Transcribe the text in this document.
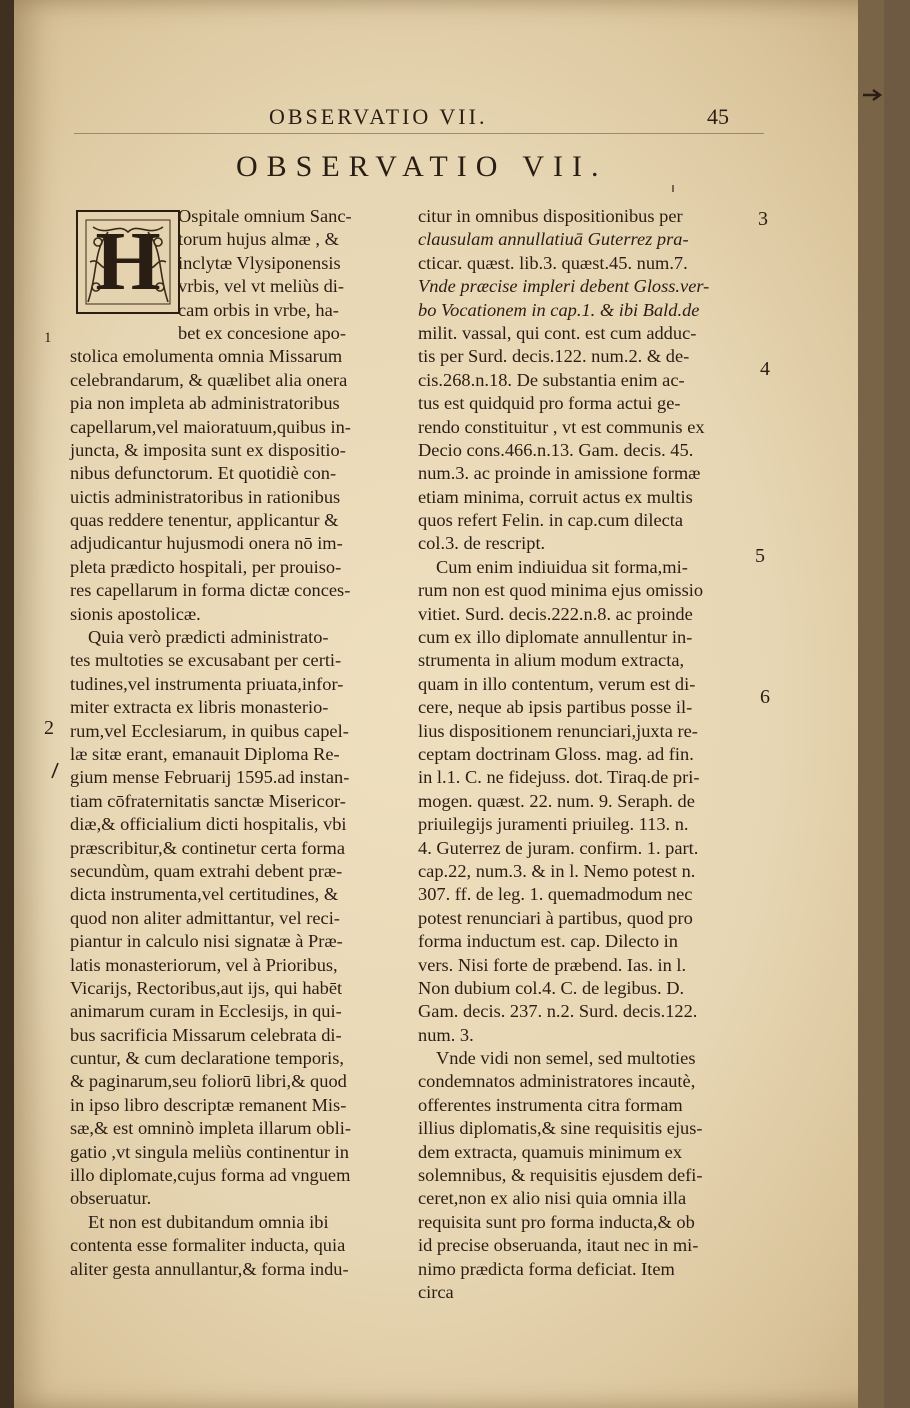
OBSERVATIO VII.	45
OBSERVATIO VII.
H Ospitale omnium Sanc-
torum hujus almæ , &
inclytæ Vlysiponensis
vrbis, vel vt meliùs di-
cam orbis in vrbe, ha-
bet ex concesione apo-
stolica emolumenta omnia Missarum
celebrandarum, & quælibet alia onera
pia non impleta ab administratoribus
capellarum,vel maioratuum,quibus in-
juncta, & imposita sunt ex dispositio-
nibus defunctorum. Et quotidiè con-
uictis administratoribus in rationibus
quas reddere tenentur, applicantur &
adjudicantur hujusmodi onera nō im-
pleta prædicto hospitali, per prouiso-
res capellarum in forma dictæ conces-
sionis apostolicæ.
Quia verò prædicti administrato-
tes multoties se excusabant per certi-
tudines,vel instrumenta priuata,infor-
miter extracta ex libris monasterio-
rum,vel Ecclesiarum, in quibus capel-
læ sitæ erant, emanauit Diploma Re-
gium mense Februarij 1595.ad instan-
tiam cōfraternitatis sanctæ Misericor-
diæ,& officialium dicti hospitalis, vbi
præscribitur,& continetur certa forma
secundùm, quam extrahi debent præ-
dicta instrumenta,vel certitudines, &
quod non aliter admittantur, vel reci-
piantur in calculo nisi signatæ à Præ-
latis monasteriorum, vel à Prioribus,
Vicarijs, Rectoribus,aut ijs, qui habēt
animarum curam in Ecclesijs, in qui-
bus sacrificia Missarum celebrata di-
cuntur, & cum declaratione temporis,
& paginarum,seu foliorū libri,& quod
in ipso libro descriptæ remanent Mis-
sæ,& est omninò impleta illarum obli-
gatio ,vt singula meliùs continentur in
illo diplomate,cujus forma ad vnguem
obseruatur.
Et non est dubitandum omnia ibi
contenta esse formaliter inducta, quia
aliter gesta annullantur,& forma indu-
citur in omnibus dispositionibus per
clausulam annullatiuā Guterrez pra-
cticar. quæst. lib.3. quæst.45. num.7.
Vnde præcise impleri debent Gloss.ver-
bo Vocationem in cap.1. & ibi Bald.de
milit. vassal, qui cont. est cum adduc-
tis per Surd. decis.122. num.2. & de-
cis.268.n.18. De substantia enim ac-
tus est quidquid pro forma actui ge-
rendo constituitur , vt est communis ex
Decio cons.466.n.13. Gam. decis. 45.
num.3. ac proinde in amissione formæ
etiam minima, corruit actus ex multis
quos refert Felin. in cap.cum dilecta
col.3. de rescript.
Cum enim indiuidua sit forma,mi-
rum non est quod minima ejus omissio
vitiet. Surd. decis.222.n.8. ac proinde
cum ex illo diplomate annullentur in-
strumenta in alium modum extracta,
quam in illo contentum, verum est di-
cere, neque ab ipsis partibus posse il-
lius dispositionem renunciari,juxta re-
ceptam doctrinam Gloss. mag. ad fin.
in l.1. C. ne fidejuss. dot. Tiraq.de pri-
mogen. quæst. 22. num. 9. Seraph. de
priuilegijs juramenti priuileg. 113. n.
4. Guterrez de juram. confirm. 1. part.
cap.22, num.3. & in l. Nemo potest n.
307. ff. de leg. 1. quemadmodum nec
potest renunciari à partibus, quod pro
forma inductum est. cap. Dilecto in
vers. Nisi forte de præbend. Ias. in l.
Non dubium col.4. C. de legibus. D.
Gam. decis. 237. n.2. Surd. decis.122.
num. 3.
Vnde vidi non semel, sed multoties
condemnatos administratores incautè,
offerentes instrumenta citra formam
illius diplomatis,& sine requisitis ejus-
dem extracta, quamuis minimum ex
solemnibus, & requisitis ejusdem defi-
ceret,non ex alio nisi quia omnia illa
requisita sunt pro forma inducta,& ob
id precise obseruanda, itaut nec in mi-
nimo prædicta forma deficiat. Item
circa
1
2
3
4
5
6
